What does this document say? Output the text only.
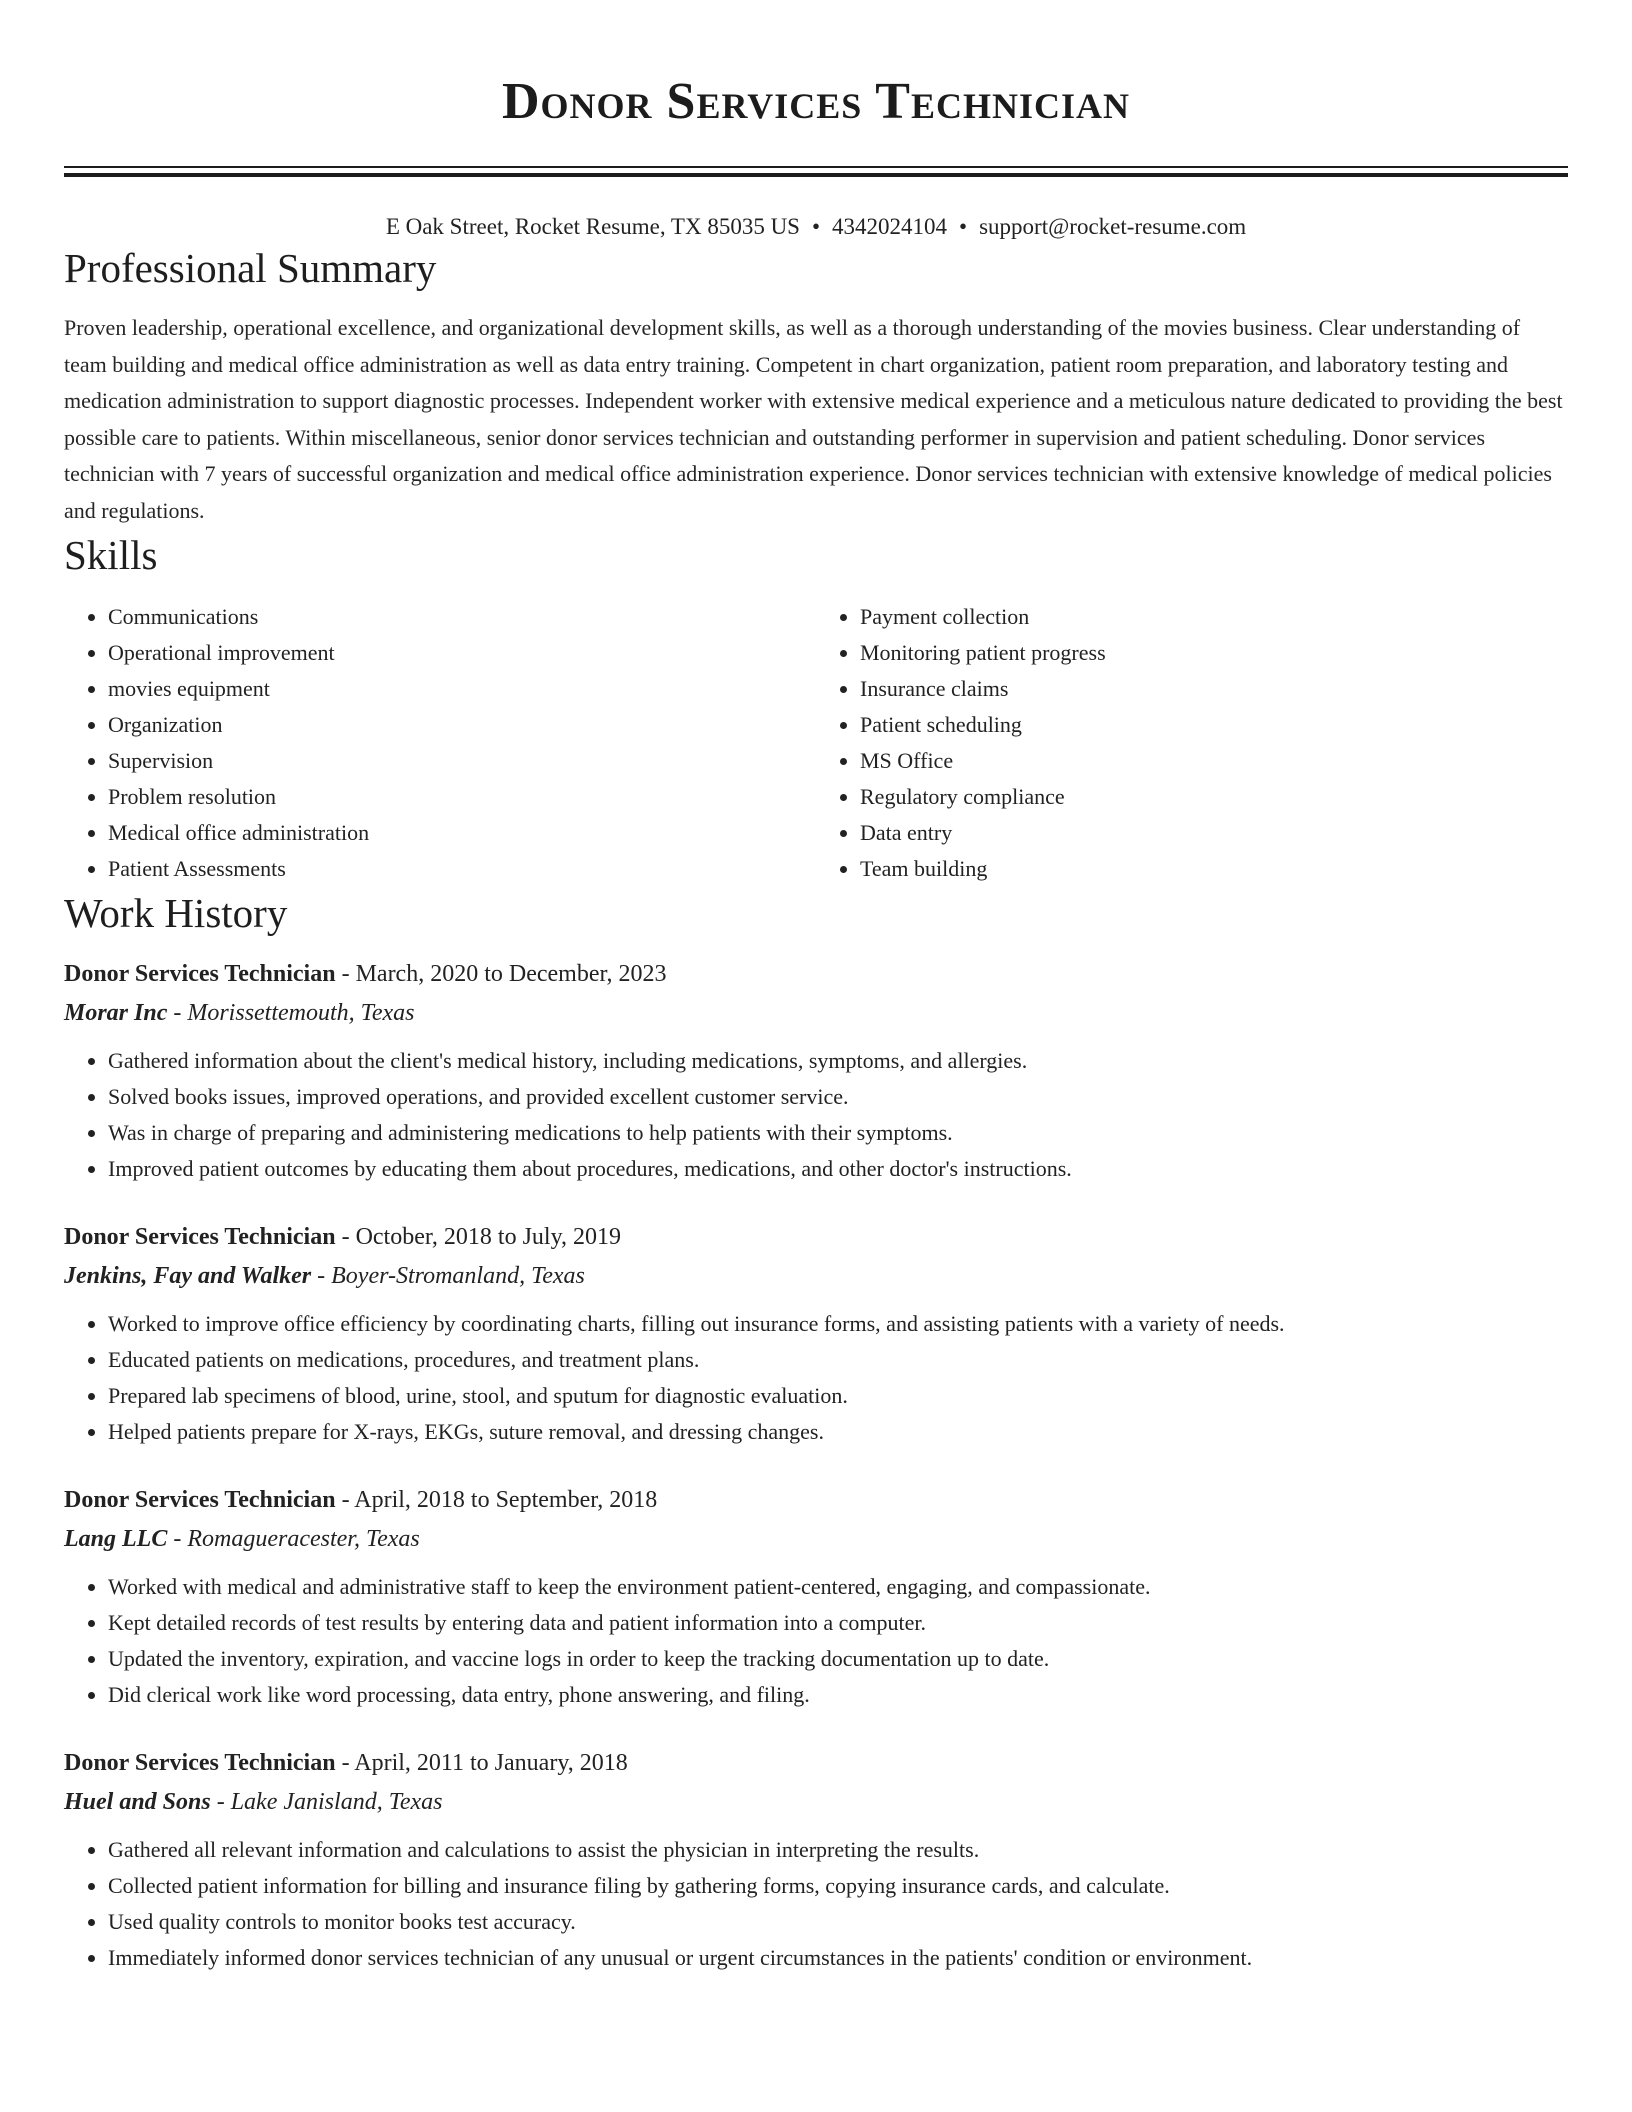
Donor Services Technician
E Oak Street, Rocket Resume, TX 85035 US • 4342024104 • support@rocket-resume.com
Professional Summary

Proven leadership, operational excellence, and organizational development skills, as well as a thorough understanding of the movies business. Clear understanding of team building and medical office administration as well as data entry training. Competent in chart organization, patient room preparation, and laboratory testing and medication administration to support diagnostic processes. Independent worker with extensive medical experience and a meticulous nature dedicated to providing the best possible care to patients. Within miscellaneous, senior donor services technician and outstanding performer in supervision and patient scheduling. Donor services technician with 7 years of successful organization and medical office administration experience. Donor services technician with extensive knowledge of medical policies and regulations.

Skills
• Communications
• Operational improvement
• movies equipment
• Organization
• Supervision
• Problem resolution
• Medical office administration
• Patient Assessments
• Payment collection
• Monitoring patient progress
• Insurance claims
• Patient scheduling
• MS Office
• Regulatory compliance
• Data entry
• Team building
Work History
Donor Services Technician - March, 2020 to December, 2023
Morar Inc - Morissettemouth, Texas
• Gathered information about the client's medical history, including medications, symptoms, and allergies.
• Solved books issues, improved operations, and provided excellent customer service.
• Was in charge of preparing and administering medications to help patients with their symptoms.
• Improved patient outcomes by educating them about procedures, medications, and other doctor's instructions.
Donor Services Technician - October, 2018 to July, 2019
Jenkins, Fay and Walker - Boyer-Stromanland, Texas
• Worked to improve office efficiency by coordinating charts, filling out insurance forms, and assisting patients with a variety of needs.
• Educated patients on medications, procedures, and treatment plans.
• Prepared lab specimens of blood, urine, stool, and sputum for diagnostic evaluation.
• Helped patients prepare for X-rays, EKGs, suture removal, and dressing changes.
Donor Services Technician - April, 2018 to September, 2018
Lang LLC - Romagueracester, Texas
• Worked with medical and administrative staff to keep the environment patient-centered, engaging, and compassionate.
• Kept detailed records of test results by entering data and patient information into a computer.
• Updated the inventory, expiration, and vaccine logs in order to keep the tracking documentation up to date.
• Did clerical work like word processing, data entry, phone answering, and filing.
Donor Services Technician - April, 2011 to January, 2018
Huel and Sons - Lake Janisland, Texas
• Gathered all relevant information and calculations to assist the physician in interpreting the results.
• Collected patient information for billing and insurance filing by gathering forms, copying insurance cards, and calculate.
• Used quality controls to monitor books test accuracy.
• Immediately informed donor services technician of any unusual or urgent circumstances in the patients' condition or environment.
